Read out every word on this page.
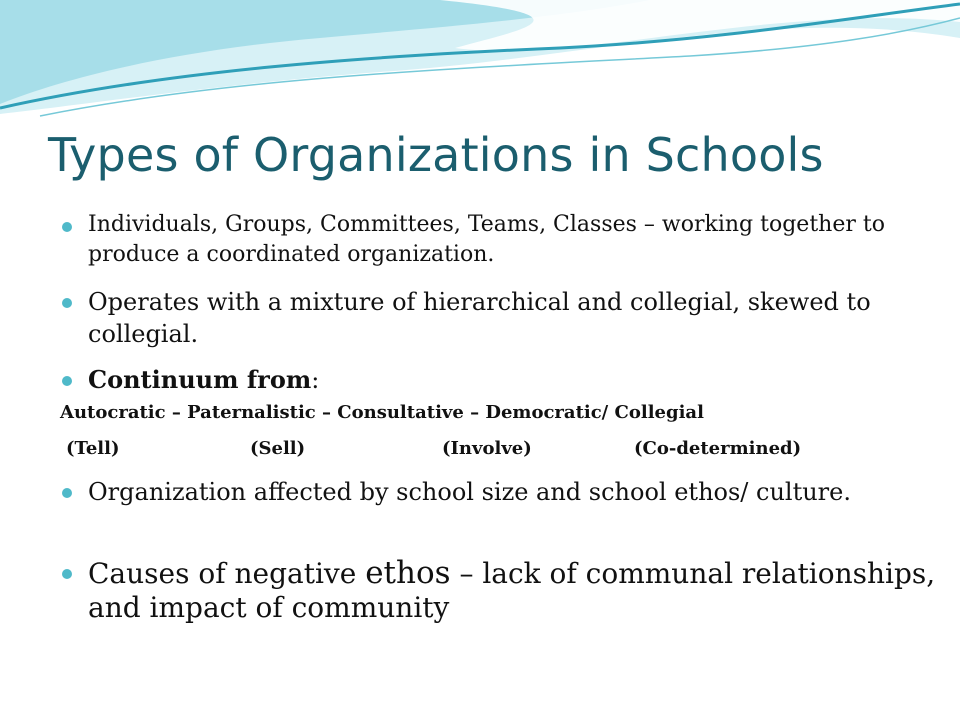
Types of Organizations in Schools
Individuals, Groups, Committees, Teams, Classes – working together to produce a coordinated organization.
Operates with a mixture of hierarchical and collegial, skewed to collegial.
Continuum from:
Organization affected by school size and school ethos/ culture.
Causes of negative ethos – lack of communal relationships, and impact of community
Autocratic – Paternalistic – Consultative – Democratic/ Collegial
(Tell)	(Sell)	(Involve)	(Co-determined)
